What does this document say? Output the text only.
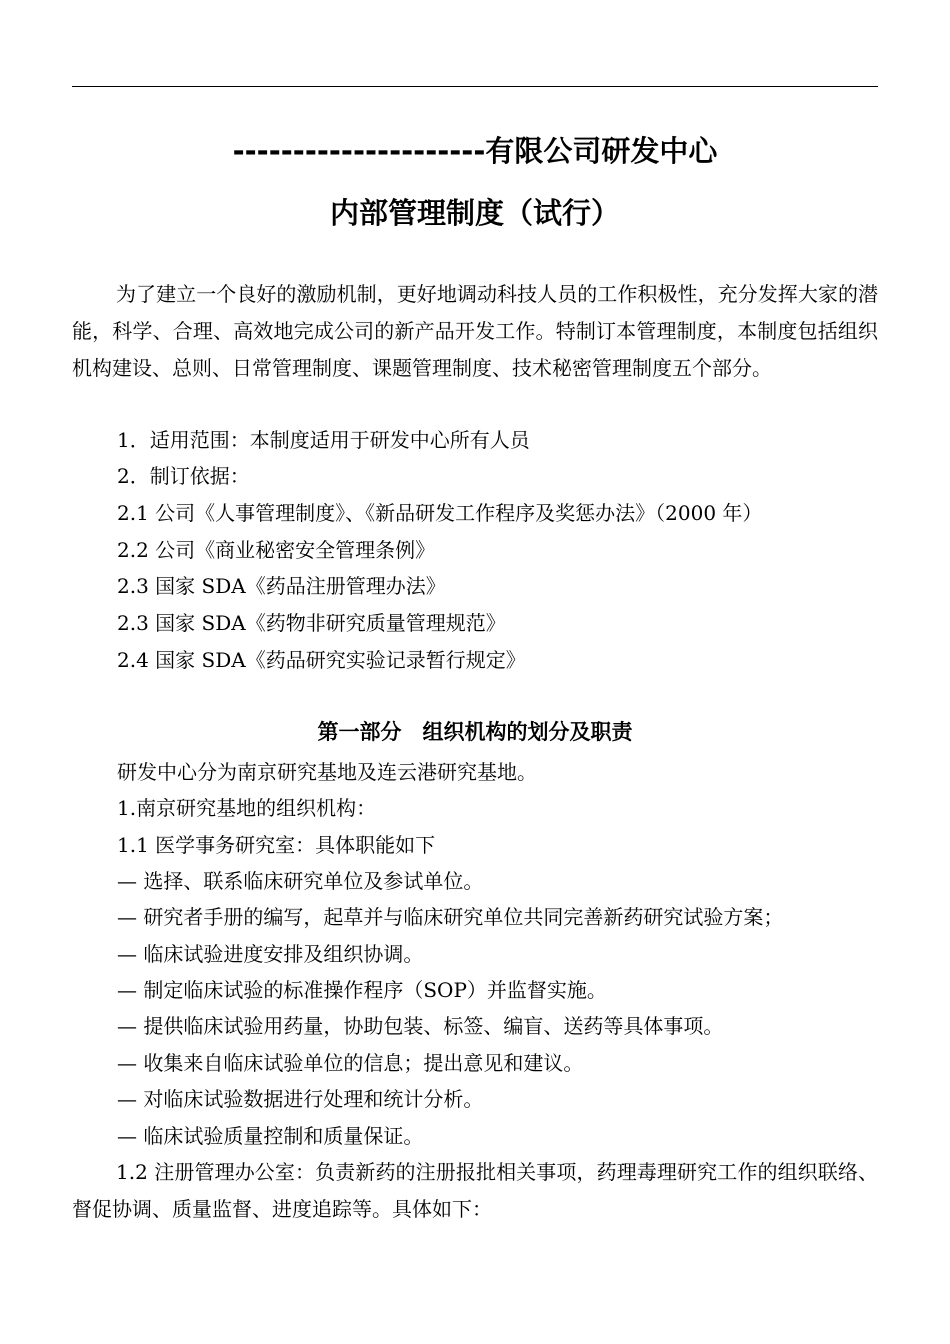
---------------------有限公司研发中心
内部管理制度（试行）

为了建立一个良好的激励机制，更好地调动科技人员的工作积极性，充分发挥大家的潜能，科学、合理、高效地完成公司的新产品开发工作。特制订本管理制度，本制度包括组织机构建设、总则、日常管理制度、课题管理制度、技术秘密管理制度五个部分。

1．适用范围：本制度适用于研发中心所有人员

2．制订依据：

2.1 公司《人事管理制度》、《新品研发工作程序及奖惩办法》（2000 年）

2.2 公司《商业秘密安全管理条例》

2.3 国家 SDA《药品注册管理办法》

2.3 国家 SDA《药物非研究质量管理规范》

2.4 国家 SDA《药品研究实验记录暂行规定》

第一部分　组织机构的划分及职责

研发中心分为南京研究基地及连云港研究基地。

1.南京研究基地的组织机构：

1.1 医学事务研究室：具体职能如下

— 选择、联系临床研究单位及参试单位。

— 研究者手册的编写，起草并与临床研究单位共同完善新药研究试验方案；

— 临床试验进度安排及组织协调。

— 制定临床试验的标准操作程序（SOP）并监督实施。

— 提供临床试验用药量，协助包装、标签、编盲、送药等具体事项。

— 收集来自临床试验单位的信息；提出意见和建议。

— 对临床试验数据进行处理和统计分析。

— 临床试验质量控制和质量保证。

1.2 注册管理办公室：负责新药的注册报批相关事项，药理毒理研究工作的组织联络、督促协调、质量监督、进度追踪等。具体如下：
